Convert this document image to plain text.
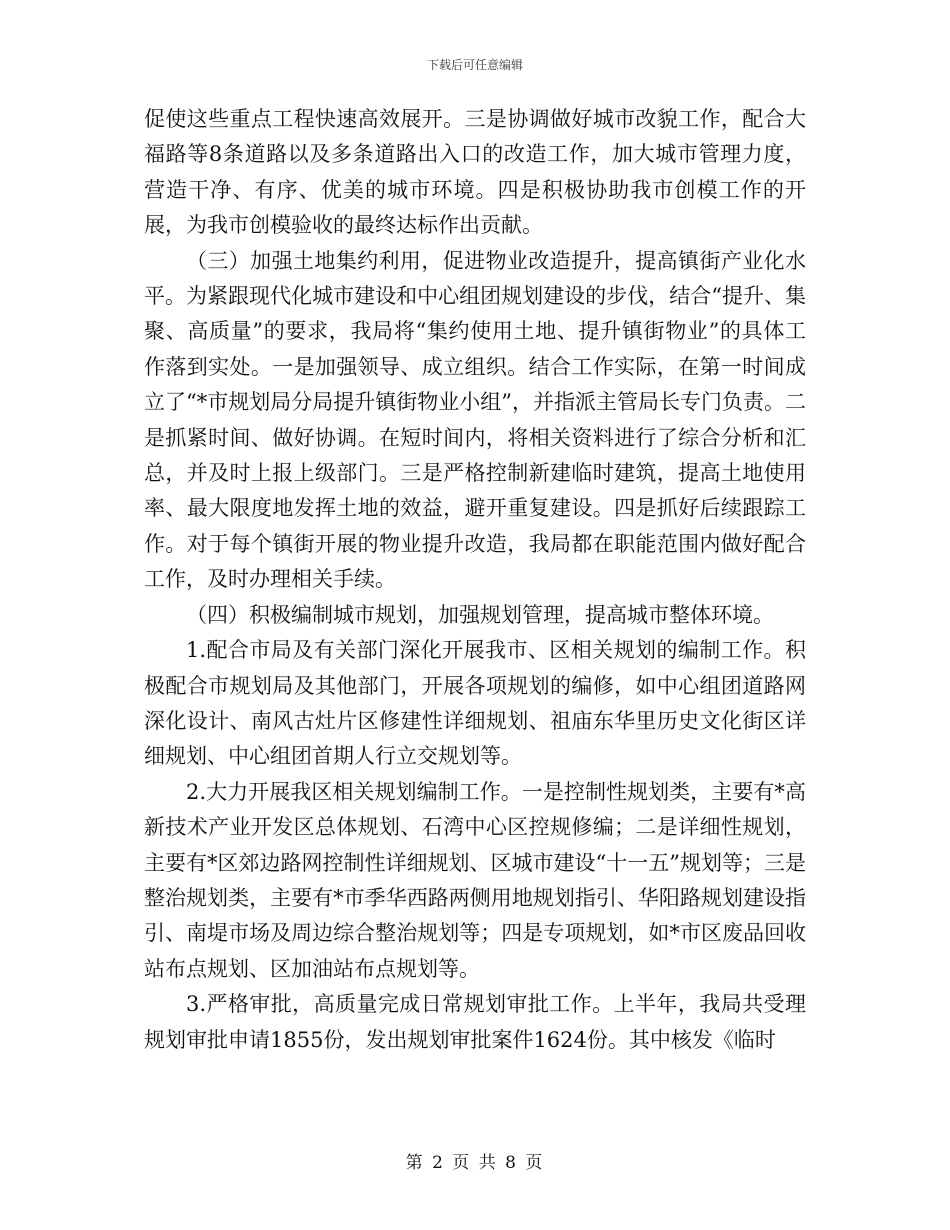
下载后可任意编辑

促使这些重点工程快速高效展开。三是协调做好城市改貌工作，配合大福路等8条道路以及多条道路出入口的改造工作，加大城市管理力度，营造干净、有序、优美的城市环境。四是积极协助我市创模工作的开展，为我市创模验收的最终达标作出贡献。

（三）加强土地集约利用，促进物业改造提升，提高镇街产业化水平。为紧跟现代化城市建设和中心组团规划建设的步伐，结合“提升、集聚、高质量”的要求，我局将“集约使用土地、提升镇街物业”的具体工作落到实处。一是加强领导、成立组织。结合工作实际，在第一时间成立了“*市规划局分局提升镇街物业小组”，并指派主管局长专门负责。二是抓紧时间、做好协调。在短时间内，将相关资料进行了综合分析和汇总，并及时上报上级部门。三是严格控制新建临时建筑，提高土地使用率、最大限度地发挥土地的效益，避开重复建设。四是抓好后续跟踪工作。对于每个镇街开展的物业提升改造，我局都在职能范围内做好配合工作，及时办理相关手续。

（四）积极编制城市规划，加强规划管理，提高城市整体环境。

1.配合市局及有关部门深化开展我市、区相关规划的编制工作。积极配合市规划局及其他部门，开展各项规划的编修，如中心组团道路网深化设计、南风古灶片区修建性详细规划、祖庙东华里历史文化街区详细规划、中心组团首期人行立交规划等。

2.大力开展我区相关规划编制工作。一是控制性规划类，主要有*高新技术产业开发区总体规划、石湾中心区控规修编；二是详细性规划，主要有*区郊边路网控制性详细规划、区城市建设“十一五”规划等；三是整治规划类，主要有*市季华西路两侧用地规划指引、华阳路规划建设指引、南堤市场及周边综合整治规划等；四是专项规划，如*市区废品回收站布点规划、区加油站布点规划等。

3.严格审批，高质量完成日常规划审批工作。上半年，我局共受理规划审批申请1855份，发出规划审批案件1624份。其中核发《临时

第 2 页 共 8 页
